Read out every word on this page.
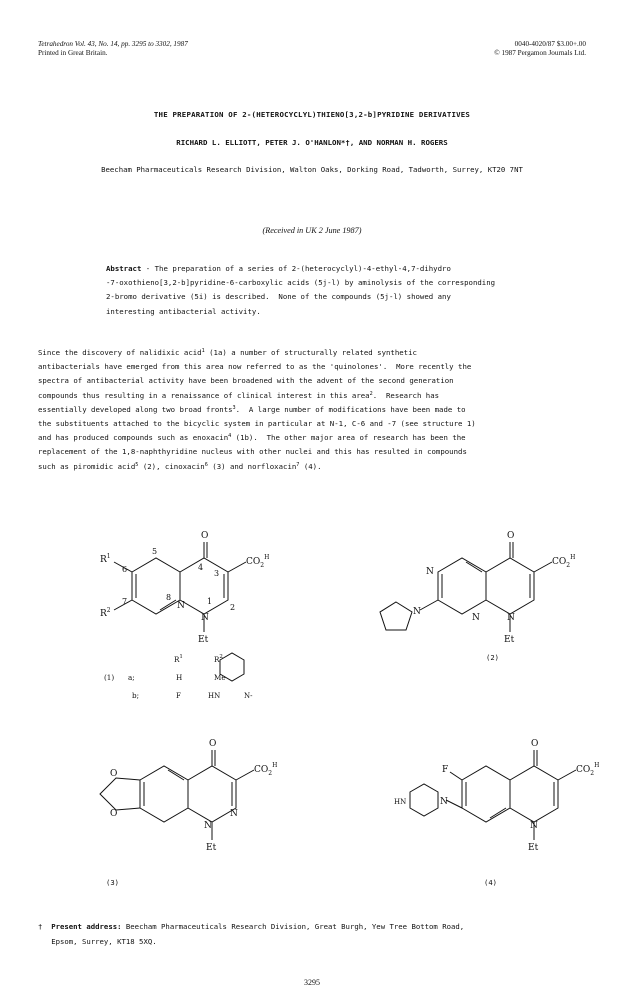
Tetrahedron Vol. 43, No. 14, pp. 3295 to 3302, 1987
Printed in Great Britain.
0040-4020/87 $3.00+.00
© 1987 Pergamon Journals Ltd.
THE PREPARATION OF 2-(HETEROCYCLYL)THIENO[3,2-b]PYRIDINE DERIVATIVES
RICHARD L. ELLIOTT, PETER J. O'HANLON*†, AND NORMAN H. ROGERS
Beecham Pharmaceuticals Research Division, Walton Oaks, Dorking Road, Tadworth, Surrey, KT20 7NT
(Received in UK 2 June 1987)
Abstract - The preparation of a series of 2-(heterocyclyl)-4-ethyl-4,7-dihydro
-7-oxothieno[3,2-b]pyridine-6-carboxylic acids (5j-l) by aminolysis of the corresponding
2-bromo derivative (5i) is described.  None of the compounds (5j-l) showed any
interesting antibacterial activity.
Since the discovery of nalidixic acid$^1$ (1a) a number of structurally related synthetic
antibacterials have emerged from this area now referred to as the 'quinolones'.  More recently the
spectra of antibacterial activity have been broadened with the advent of the second generation
compounds thus resulting in a renaissance of clinical interest in this area$^2$.  Research has
essentially developed along two broad fronts$^3$.  A large number of modifications have been made to
the substituents attached to the bicyclic system in particular at N-1, C-6 and -7 (see structure 1)
and has produced compounds such as enoxacin$^4$ (1b).  The other major area of research has been the
replacement of the 1,8-naphthyridine nucleus with other nuclei and this has resulted in compounds
such as piromidic acid$^5$ (2), cinoxacin$^6$ (3) and norfloxacin$^7$ (4).
O
$CO_2^H$
N
N
Et
$R^1$
$R^2$
5
6
7	8
4
3
2
1
$R^1$	$R^2$
(1) a;	H	Me
b;	F	HN	N-
O
$CO_2^H$
N
N
N	N
Et
(2)
O
$CO_2^H$
N
N
O
O
Et
(3)
O
$CO_2^H$
F
HN	N
N
Et
(4)
† Present address: Beecham Pharmaceuticals Research Division, Great Burgh, Yew Tree Bottom Road,
Epsom, Surrey, KT18 5XQ.
3295
